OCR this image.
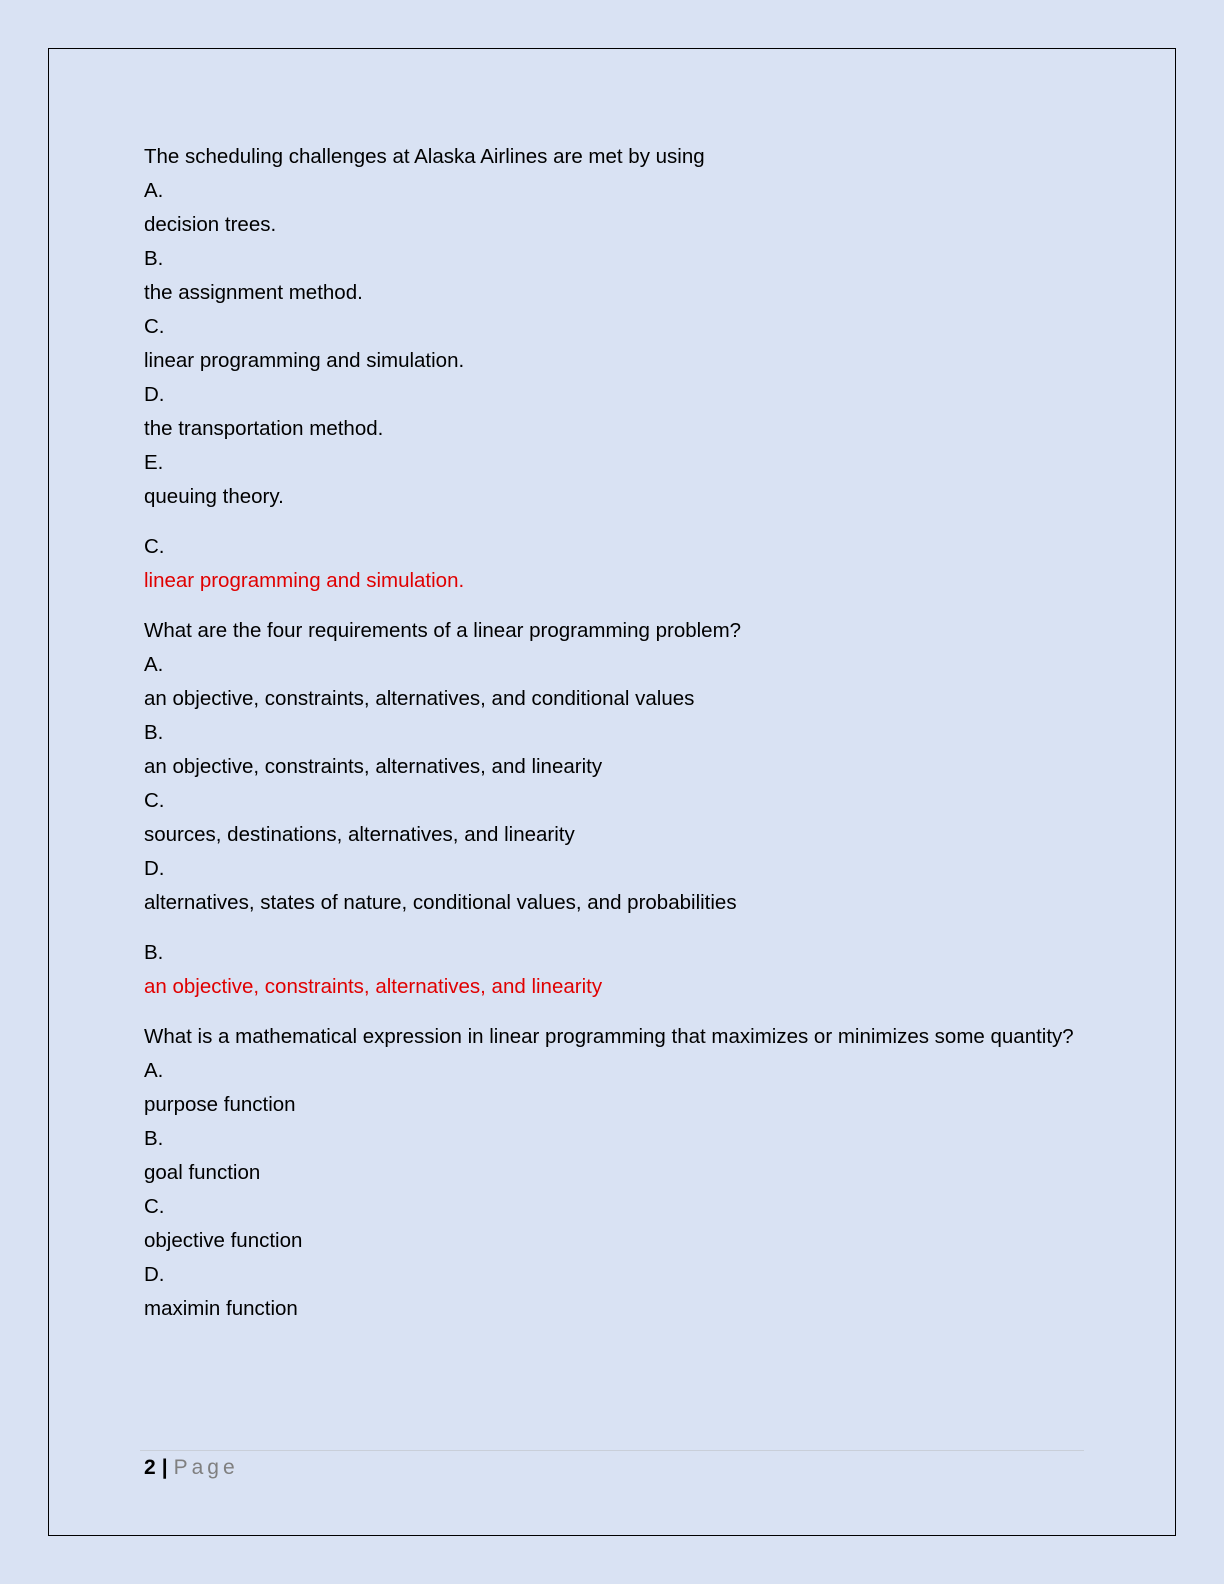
The scheduling challenges at Alaska Airlines are met by using
A.
decision trees.
B.
the assignment method.
C.
linear programming and simulation.
D.
the transportation method.
E.
queuing theory.
C.
linear programming and simulation.
What are the four requirements of a linear programming problem?
A.
an objective, constraints, alternatives, and conditional values
B.
an objective, constraints, alternatives, and linearity
C.
sources, destinations, alternatives, and linearity
D.
alternatives, states of nature, conditional values, and probabilities
B.
an objective, constraints, alternatives, and linearity
What is a mathematical expression in linear programming that maximizes or minimizes some quantity?
A.
purpose function
B.
goal function
C.
objective function
D.
maximin function
2 | Page
